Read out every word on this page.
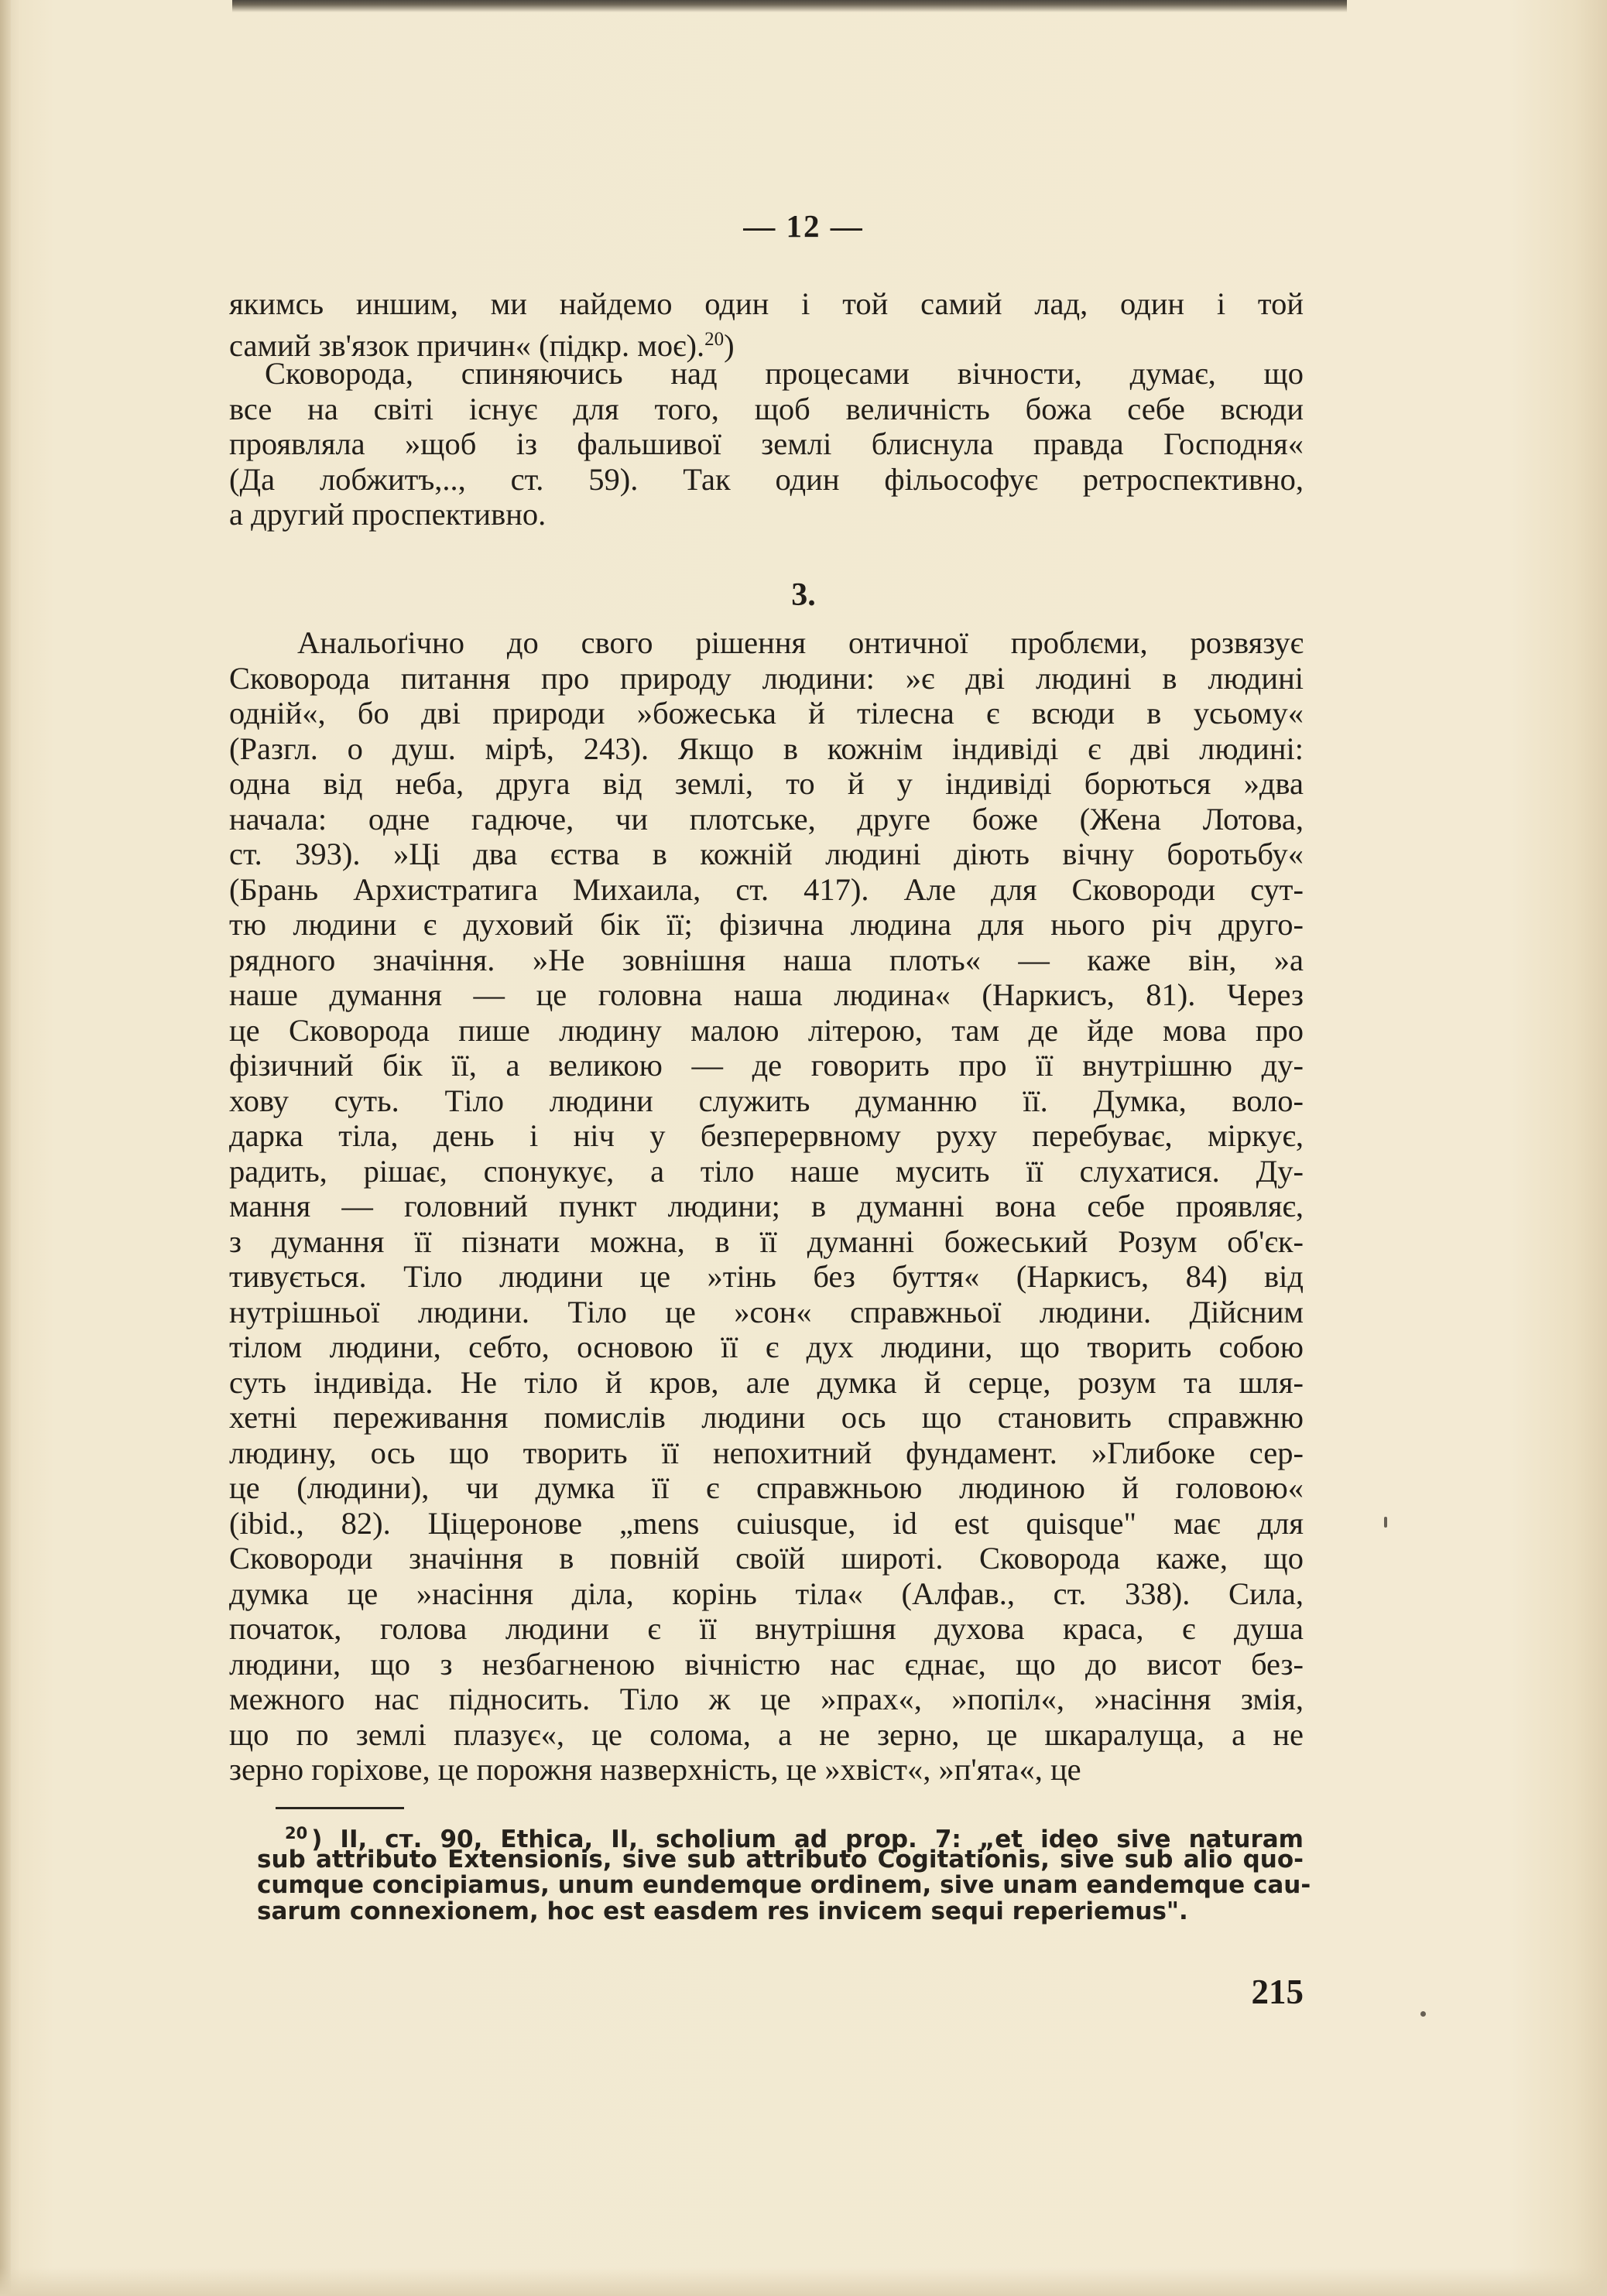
— 12 —
якимсь иншим, ми найдемо один і той самий лад, один і той
самий зв'язок причин« (підкр. моє).$^{20}$)
Сковорода, спиняючись над процесами вічности, думає, що
все на світі існує для того, щоб величність божа себе всюди
проявляла »щоб із фальшивої землі блиснула правда Господня«
(Да лобжитъ,.., ст. 59). Так один фільософує ретроспективно,
а другий проспективно.
3.
Анальоґічно до свого рішення онтичної проблєми, розвязує
Сковорода питання про природу людини: »є дві людині в людині
одній«, бо дві природи »божеська й тілесна є всюди в усьому«
(Разгл. о душ. мірѣ, 243). Якщо в кожнім індивіді є дві людині:
одна від неба, друга від землі, то й у індивіді борються »два
начала: одне гадюче, чи плотське, друге боже (Жена Лотова,
ст. 393). »Ці два єства в кожній людині діють вічну боротьбу«
(Брань Архистратига Михаила, ст. 417). Але для Сковороди сут-
тю людини є духовий бік її; фізична людина для нього річ друго-
рядного значіння. »Не зовнішня наша плоть« — каже він, »а
наше думання — це головна наша людина« (Наркисъ, 81). Через
це Сковорода пише людину малою літерою, там де йде мова про
фізичний бік її, а великою — де говорить про її внутрішню ду-
хову суть. Тіло людини служить думанню її. Думка, воло-
дарка тіла, день і ніч у безперервному руху перебуває, міркує,
радить, рішає, спонукує, а тіло наше мусить її слухатися. Ду-
мання — головний пункт людини; в думанні вона себе проявляє,
з думання її пізнати можна, в її думанні божеський Розум об'єк-
тивується. Тіло людини це »тінь без буття« (Наркисъ, 84) від
нутрішньої людини. Тіло це »сон« справжньої людини. Дійсним
тілом людини, себто, основою її є дух людини, що творить собою
суть індивіда. Не тіло й кров, але думка й серце, розум та шля-
хетні переживання помислів людини ось що становить справжню
людину, ось що творить її непохитний фундамент. »Глибоке сер-
це (людини), чи думка її є справжньою людиною й головою«
(ibid., 82). Ціцеронове „mens cuiusque, id est quisque" має для
Сковороди значіння в повній своїй широті. Сковорода каже, що
думка це »насіння діла, корінь тіла« (Алфав., ст. 338). Сила,
початок, голова людини є її внутрішня духова краса, є душа
людини, що з незбагненою вічністю нас єднає, що до висот без-
межного нас підносить. Тіло ж це »прах«, »попіл«, »насіння змія,
що по землі плазує«, це солома, а не зерно, це шкаралуща, а не
зерно горіхове, це порожня назверхність, це »хвіст«, »п'ята«, це
$^{20}$ ) II, ст. 90, Ethica, II, scholium ad prop. 7: „et ideo sive naturam
sub attributo Extensionis, sive sub attributo Cogitationis, sive sub alio quo-
cumque concipiamus, unum eundemque ordinem, sive unam eandemque cau-
sarum connexionem, hoc est easdem res invicem sequi reperiemus".
215
